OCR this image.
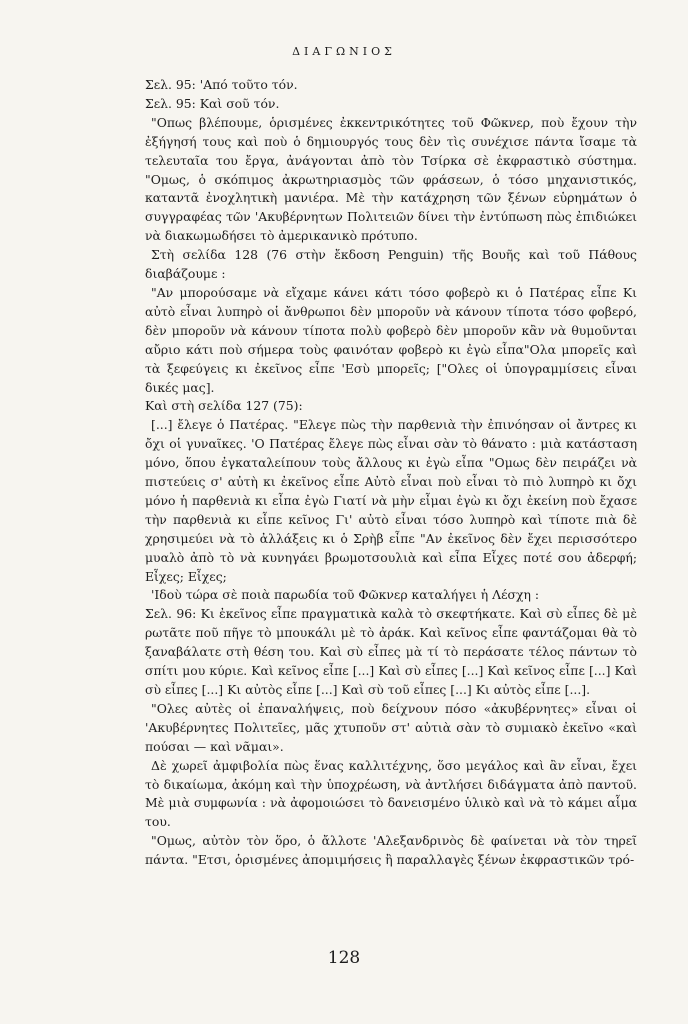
ΔΙΑΓΩΝΙΟΣ

Σελ. 95: 'Από τοῦτο τόν.

Σελ. 95: Καὶ σοῦ τόν.

"Οπως βλέπουμε, ὁρισμένες ἐκκεντρικότητες τοῦ Φῶκνερ, ποὺ ἔχουν τὴν ἐξήγησή τους καὶ ποὺ ὁ δημιουργός τους δὲν τὶς συνέχισε πάντα ἴσαμε τὰ τελευταῖα του ἔργα, ἀνάγονται ἀπὸ τὸν Τσίρκα σὲ ἐκφραστικὸ σύστημα. "Ομως, ὁ σκόπιμος ἀκρωτηριασμὸς τῶν φράσεων, ὁ τόσο μηχανιστικός, καταντᾶ ἐνοχλητικὴ μανιέρα. Μὲ τὴν κατάχρηση τῶν ξένων εὑρημάτων ὁ συγγραφέας τῶν 'Ακυβέρνητων Πολιτειῶν δίνει τὴν ἐντύπωση πὼς ἐπιδιώκει νὰ διακωμωδήσει τὸ ἀμερικανικὸ πρότυπο.

Στὴ σελίδα 128 (76 στὴν ἔκδοση Penguin) τῆς Βουῆς καὶ τοῦ Πάθους διαβάζουμε :

"Αν μπορούσαμε νὰ εἴχαμε κάνει κάτι τόσο φοβερὸ κι ὁ Πατέρας εἶπε Κι αὐτὸ εἶναι λυπηρὸ οἱ ἄνθρωποι δὲν μποροῦν νὰ κάνουν τίποτα τόσο φοβερό, δὲν μποροῦν νὰ κάνουν τίποτα πολὺ φοβερὸ δὲν μποροῦν κἂν νὰ θυμοῦνται αὔριο κάτι ποὺ σήμερα τοὺς φαινόταν φοβερὸ κι ἐγὼ εἶπα"Ολα μπορεῖς καὶ τὰ ξεφεύγεις κι ἐκεῖνος εἶπε 'Εσὺ μπορεῖς; ["Ολες οἱ ὑπογραμμίσεις εἶναι δικές μας].

Καὶ στὴ σελίδα 127 (75):

[...] ἔλεγε ὁ Πατέρας. "Ελεγε πὼς τὴν παρθενιὰ τὴν ἐπινόησαν οἱ ἄντρες κι ὄχι οἱ γυναῖκες. 'Ο Πατέρας ἔλεγε πὼς εἶναι σὰν τὸ θάνατο : μιὰ κατάσταση μόνο, ὅπου ἐγκαταλείπουν τοὺς ἄλλους κι ἐγὼ εἶπα "Ομως δὲν πειράζει νὰ πιστεύεις σ' αὐτὴ κι ἐκεῖνος εἶπε Αὐτὸ εἶναι ποὺ εἶναι τὸ πιὸ λυπηρὸ κι ὄχι μόνο ἡ παρθενιὰ κι εἶπα ἐγὼ Γιατί νὰ μὴν εἶμαι ἐγὼ κι ὄχι ἐκείνη ποὺ ἔχασε τὴν παρθενιὰ κι εἶπε κεῖνος Γι' αὐτὸ εἶναι τόσο λυπηρὸ καὶ τίποτε πιὰ δὲ χρησιμεύει νὰ τὸ ἀλλάξεις κι ὁ Σρὴβ εἶπε "Αν ἐκεῖνος δὲν ἔχει περισσότερο μυαλὸ ἀπὸ τὸ νὰ κυνηγάει βρωμοτσουλιὰ καὶ εἶπα Εἶχες ποτέ σου ἀδερφή; Εἶχες; Εἶχες;

'Ιδοὺ τώρα σὲ ποιὰ παρωδία τοῦ Φῶκνερ καταλήγει ἡ Λέσχη :

Σελ. 96: Κι ἐκεῖνος εἶπε πραγματικὰ καλὰ τὸ σκεφτήκατε. Καὶ σὺ εἶπες δὲ μὲ ρωτᾶτε ποῦ πῆγε τὸ μπουκάλι μὲ τὸ ἀράκ. Καὶ κεῖνος εἶπε φαντάζομαι θὰ τὸ ξαναβάλατε στὴ θέση του. Καὶ σὺ εἶπες μὰ τί τὸ περάσατε τέλος πάντων τὸ σπίτι μου κύριε. Καὶ κεῖνος εἶπε [...] Καὶ σὺ εἶπες [...] Καὶ κεῖνος εἶπε [...] Καὶ σὺ εἶπες [...] Κι αὐτὸς εἶπε [...] Καὶ σὺ τοῦ εἶπες [...] Κι αὐτὸς εἶπε [...].

"Ολες αὐτὲς οἱ ἐπαναλήψεις, ποὺ δείχνουν πόσο «ἀκυβέρνητες» εἶναι οἱ 'Ακυβέρνητες Πολιτεῖες, μᾶς χτυποῦν στ' αὐτιὰ σὰν τὸ συμιακὸ ἐκεῖνο «καὶ πούσαι — καὶ νᾶμαι».

Δὲ χωρεῖ ἀμφιβολία πὼς ἕνας καλλιτέχνης, ὅσο μεγάλος καὶ ἂν εἶναι, ἔχει τὸ δικαίωμα, ἀκόμη καὶ τὴν ὑποχρέωση, νὰ ἀντλήσει διδάγματα ἀπὸ παντοῦ. Μὲ μιὰ συμφωνία : νὰ ἀφομοιώσει τὸ δανεισμένο ὑλικὸ καὶ νὰ τὸ κάμει αἷμα του.

"Ομως, αὐτὸν τὸν ὅρο, ὁ ἄλλοτε 'Αλεξανδρινὸς δὲ φαίνεται νὰ τὸν τηρεῖ πάντα. "Ετσι, ὁρισμένες ἀπομιμήσεις ἢ παραλλαγὲς ξένων ἐκφραστικῶν τρό-

128
